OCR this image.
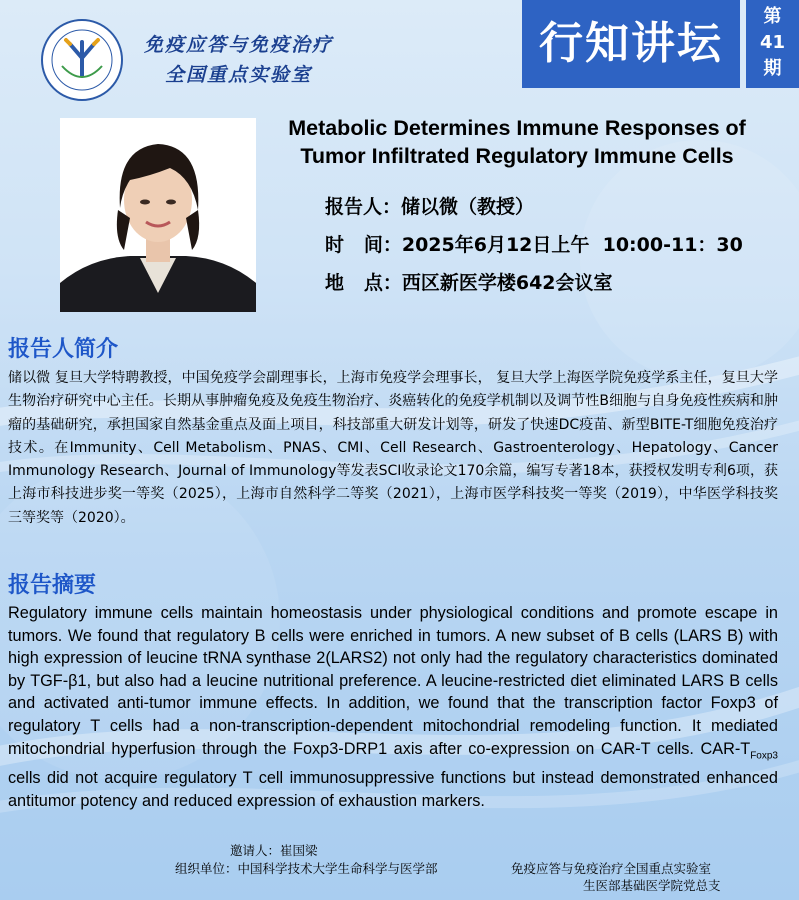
免疫应答与免疫治疗
全国重点实验室
行知讲坛
第
41
期
Metabolic Determines Immune Responses of
Tumor Infiltrated Regulatory Immune Cells
报告人：储以微（教授）
时   间：2025年6月12日上午  10:00-11：30
地   点：西区新医学楼642会议室
报告人简介
储以微 复旦大学特聘教授，中国免疫学会副理事长，上海市免疫学会理事长， 复旦大学上海医学院免疫学系主任，复旦大学生物治疗研究中心主任。长期从事肿瘤免疫及免疫生物治疗、炎癌转化的免疫学机制以及调节性B细胞与自身免疫性疾病和肿瘤的基础研究，承担国家自然基金重点及面上项目，科技部重大研发计划等，研发了快速DC疫苗、新型BITE-T细胞免疫治疗技术。在Immunity、Cell Metabolism、PNAS、CMI、Cell Research、Gastroenterology、Hepatology、Cancer Immunology Research、Journal of Immunology等发表SCI收录论文170余篇，编写专著18本，获授权发明专利6项，获上海市科技进步奖一等奖（2025），上海市自然科学二等奖（2021），上海市医学科技奖一等奖（2019），中华医学科技奖三等奖等（2020）。
报告摘要
Regulatory immune cells maintain homeostasis under physiological conditions and promote escape in tumors. We found that regulatory B cells were enriched in tumors. A new subset of B cells (LARS B) with high expression of leucine tRNA synthase 2(LARS2) not only had the regulatory characteristics dominated by TGF-β1, but also had a leucine nutritional preference. A leucine-restricted diet eliminated LARS B cells and activated anti-tumor immune effects. In addition, we found that the transcription factor Foxp3 of regulatory T cells had a non-transcription-dependent mitochondrial remodeling function. It mediated mitochondrial hyperfusion through the Foxp3-DRP1 axis after co-expression on CAR-T cells. CAR-$T_{Foxp3}$ cells did not acquire regulatory T cell immunosuppressive functions but instead demonstrated enhanced antitumor potency and reduced expression of exhaustion markers.
邀请人：崔国梁
组织单位：中国科学技术大学生命科学与医学部	免疫应答与免疫治疗全国重点实验室
生医部基础医学院党总支
